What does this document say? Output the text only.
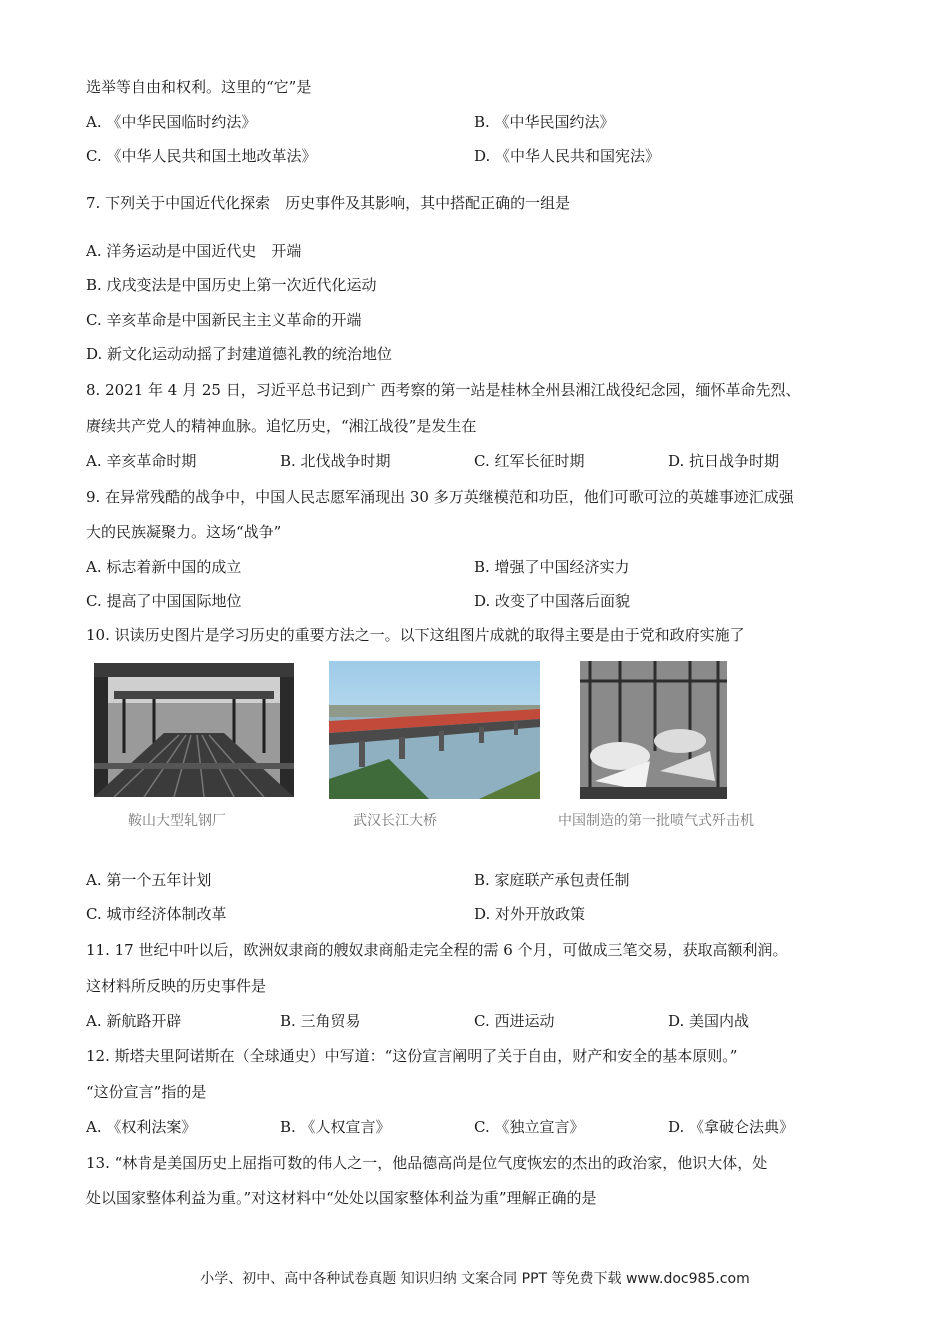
选举等自由和权利。这里的“它”是
A. 《中华民国临时约法》	B. 《中华民国约法》
C. 《中华人民共和国土地改革法》	D. 《中华人民共和国宪法》
7. 下列关于中国近代化探索　历史事件及其影响，其中搭配正确的一组是
A. 洋务运动是中国近代史　开端
B. 戊戌变法是中国历史上第一次近代化运动
C. 辛亥革命是中国新民主主义革命的开端
D. 新文化运动动摇了封建道德礼教的统治地位
8. 2021 年 4 月 25 日，习近平总书记到广 西考察的第一站是桂林全州县湘江战役纪念园，缅怀革命先烈、
赓续共产党人的精神血脉。追忆历史，“湘江战役”是发生在
A. 辛亥革命时期	B. 北伐战争时期	C. 红军长征时期	D. 抗日战争时期
9. 在异常残酷的战争中，中国人民志愿军涌现出 30 多万英继模范和功臣，他们可歌可泣的英雄事迹汇成强
大的民族凝聚力。这场“战争”
A. 标志着新中国的成立	B. 增强了中国经济实力
C. 提高了中国国际地位	D. 改变了中国落后面貌
10. 识读历史图片是学习历史的重要方法之一。以下这组图片成就的取得主要是由于党和政府实施了
鞍山大型轧钢厂	武汉长江大桥	中国制造的第一批喷气式歼击机
A. 第一个五年计划	B. 家庭联产承包责任制
C. 城市经济体制改革	D. 对外开放政策
11. 17 世纪中叶以后，欧洲奴隶商的艘奴隶商船走完全程的需 6 个月，可做成三笔交易，获取高额利润。
这材料所反映的历史事件是
A. 新航路开辟	B. 三角贸易	C. 西进运动	D. 美国内战
12. 斯塔夫里阿诺斯在（全球通史）中写道：“这份宣言阐明了关于自由，财产和安全的基本原则。”
“这份宣言”指的是
A. 《权利法案》	B. 《人权宣言》	C. 《独立宣言》	D. 《拿破仑法典》
13. “林肯是美国历史上屈指可数的伟人之一，他品德高尚是位气度恢宏的杰出的政治家，他识大体，处
处以国家整体利益为重。”对这材料中“处处以国家整体利益为重”理解正确的是
小学、初中、高中各种试卷真题 知识归纳 文案合同 PPT 等免费下载 www.doc985.com
